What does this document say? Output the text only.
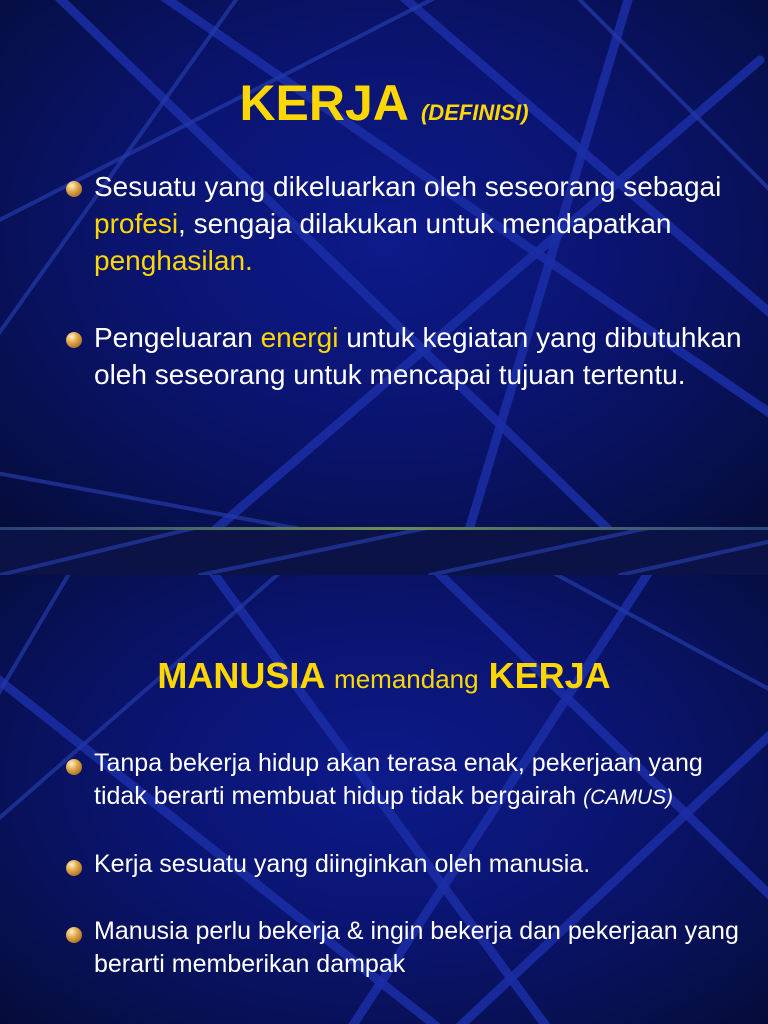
KERJA (DEFINISI)
Sesuatu yang dikeluarkan oleh seseorang sebagai profesi, sengaja dilakukan untuk mendapatkan penghasilan.
Pengeluaran energi untuk kegiatan yang dibutuhkan oleh seseorang untuk mencapai tujuan tertentu.
MANUSIA memandang KERJA
Tanpa bekerja hidup akan terasa enak, pekerjaan yang tidak berarti membuat hidup tidak bergairah (CAMUS)
Kerja sesuatu yang diinginkan oleh manusia.
Manusia perlu bekerja & ingin bekerja dan pekerjaan yang berarti memberikan dampak
